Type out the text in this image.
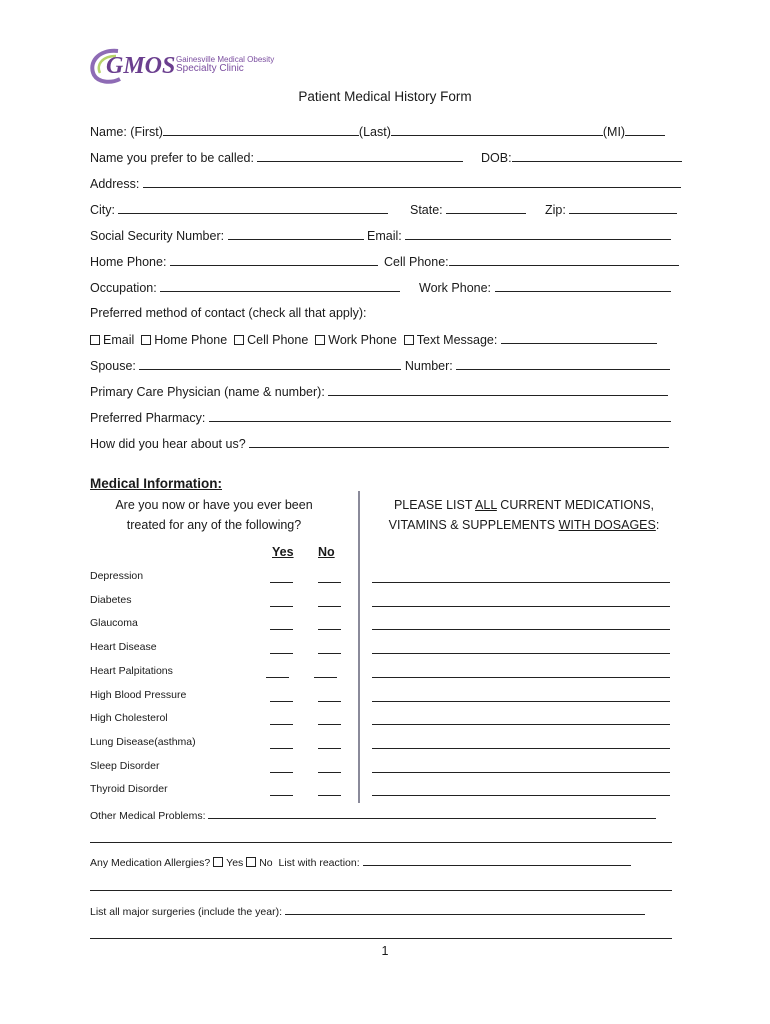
GMOS Gainesville Medical Obesity
Specialty Clinic
Patient Medical History Form
Name: (First)	(Last)	(MI)
Name you prefer to be called:	DOB:
Address:
City:	State:	Zip:
Social Security Number:	Email:
Home Phone:	Cell Phone:
Occupation:	Work Phone:
Preferred method of contact (check all that apply):
Email Home Phone Cell Phone Work Phone Text Message:
Spouse:	Number:
Primary Care Physician (name & number):
Preferred Pharmacy:
How did you hear about us?
Medical Information:
Are you now or have you ever been
treated for any of the following?
PLEASE LIST ALL CURRENT MEDICATIONS,
VITAMINS & SUPPLEMENTS WITH DOSAGES:
Yes No
Depression
Diabetes
Glaucoma
Heart Disease
Heart Palpitations
High Blood Pressure
High Cholesterol
Lung Disease(asthma)
Sleep Disorder
Thyroid Disorder
Other Medical Problems:
Any Medication Allergies? Yes No List with reaction:
List all major surgeries (include the year):
1
